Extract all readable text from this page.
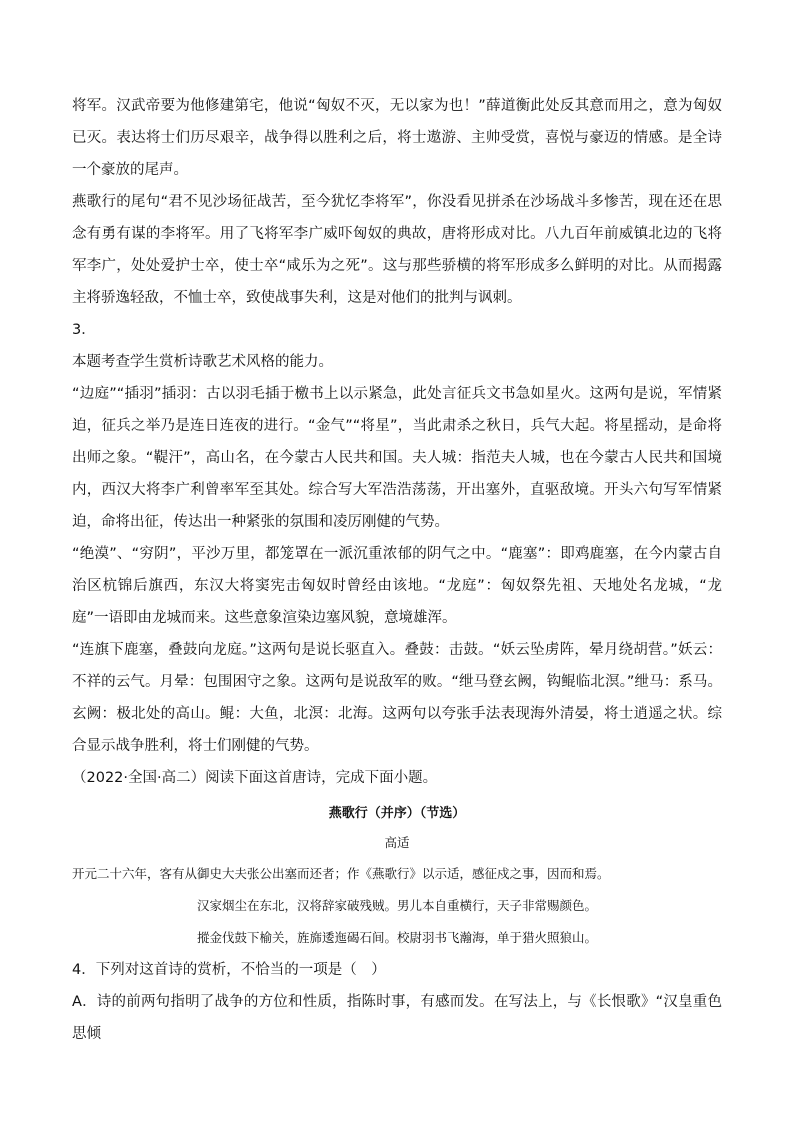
将军。汉武帝要为他修建第宅，他说“匈奴不灭，无以家为也！”薛道衡此处反其意而用之，意为匈奴已灭。表达将士们历尽艰辛，战争得以胜利之后，将士遨游、主帅受赏，喜悦与豪迈的情感。是全诗一个豪放的尾声。

燕歌行的尾句“君不见沙场征战苦，至今犹忆李将军”，你没看见拼杀在沙场战斗多惨苦，现在还在思念有勇有谋的李将军。用了飞将军李广威吓匈奴的典故，唐将形成对比。八九百年前威镇北边的飞将军李广，处处爱护士卒，使士卒“咸乐为之死”。这与那些骄横的将军形成多么鲜明的对比。从而揭露主将骄逸轻敌，不恤士卒，致使战事失利，这是对他们的批判与讽刺。

3．

本题考查学生赏析诗歌艺术风格的能力。

“边庭”“插羽”插羽：古以羽毛插于檄书上以示紧急，此处言征兵文书急如星火。这两句是说，军情紧迫，征兵之举乃是连日连夜的进行。“金气”“将星”，当此肃杀之秋日，兵气大起。将星摇动，是命将出师之象。“鞮汗”，高山名，在今蒙古人民共和国。夫人城：指范夫人城，也在今蒙古人民共和国境内，西汉大将李广利曾率军至其处。综合写大军浩浩荡荡，开出塞外，直驱敌境。开头六句写军情紧迫，命将出征，传达出一种紧张的氛围和凌厉刚健的气势。

“绝漠”、“穷阴”，平沙万里，都笼罩在一派沉重浓郁的阴气之中。“鹿塞”：即鸡鹿塞，在今内蒙古自治区杭锦后旗西，东汉大将窦宪击匈奴时曾经由该地。“龙庭”：匈奴祭先祖、天地处名龙城，“龙庭”一语即由龙城而来。这些意象渲染边塞风貌，意境雄浑。

“连旗下鹿塞，叠鼓向龙庭。”这两句是说长驱直入。叠鼓：击鼓。“妖云坠虏阵，晕月绕胡营。”妖云：不祥的云气。月晕：包围困守之象。这两句是说敌军的败。“绁马登玄阙，钩鲲临北溟。”绁马：系马。玄阙：极北处的高山。鲲：大鱼，北溟：北海。这两句以夸张手法表现海外清晏，将士逍遥之状。综合显示战争胜利，将士们刚健的气势。

（2022·全国·高二）阅读下面这首唐诗，完成下面小题。

燕歌行（并序）（节选）

高适

开元二十六年，客有从御史大夫张公出塞而还者；作《燕歌行》以示适，感征戍之事，因而和焉。

汉家烟尘在东北，汉将辞家破残贼。男儿本自重横行，天子非常赐颜色。

摐金伐鼓下榆关，旌旆逶迤碣石间。校尉羽书飞瀚海，单于猎火照狼山。

4．下列对这首诗的赏析，不恰当的一项是（　）

A．诗的前两句指明了战争的方位和性质，指陈时事，有感而发。在写法上，与《长恨歌》“汉皇重色思倾
